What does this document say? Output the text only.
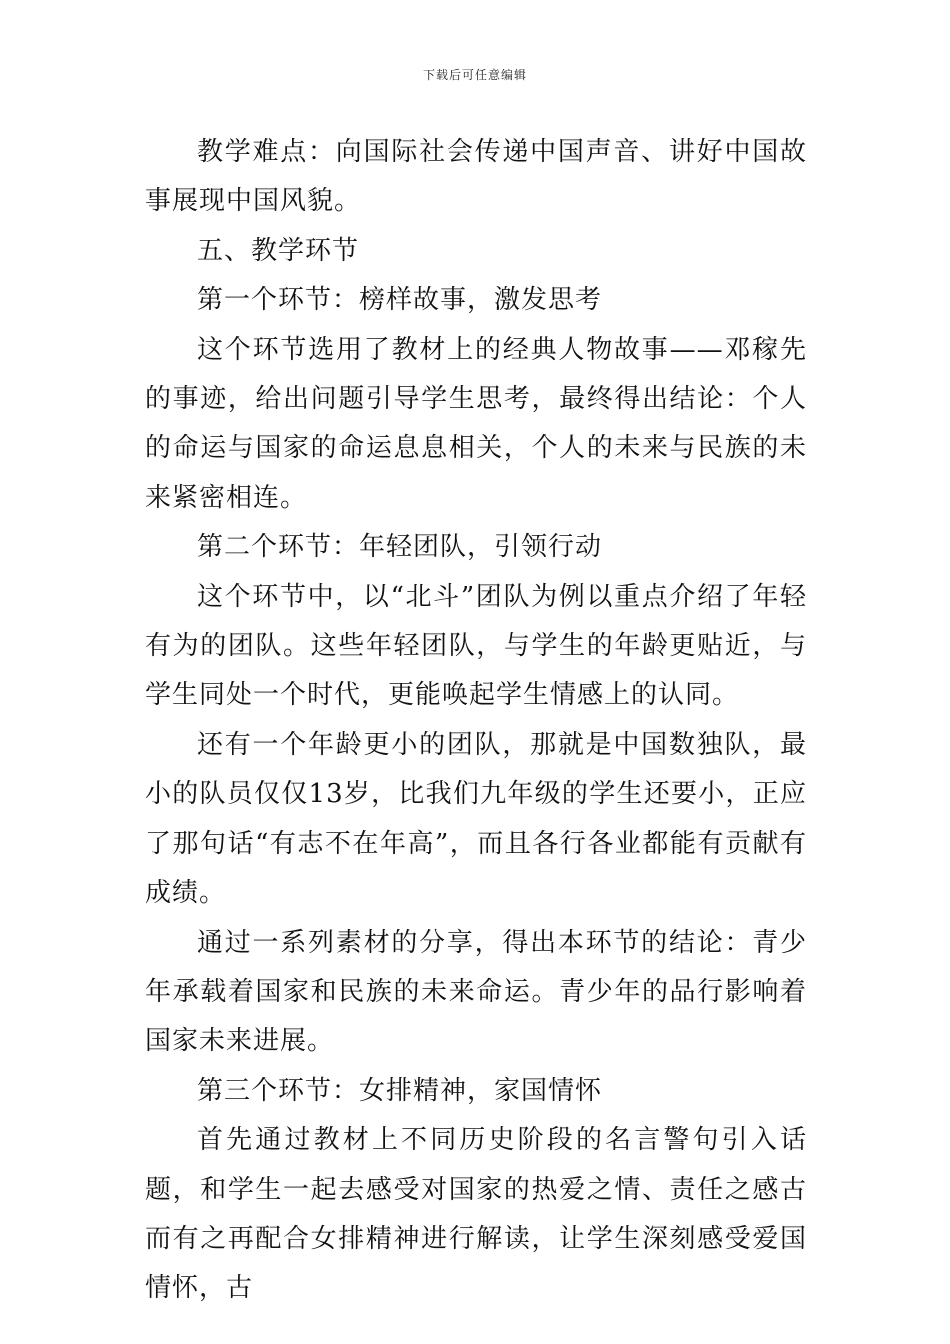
下载后可任意编辑

教学难点：向国际社会传递中国声音、讲好中国故事展现中国风貌。

五、教学环节

第一个环节：榜样故事，激发思考

这个环节选用了教材上的经典人物故事——邓稼先的事迹，给出问题引导学生思考，最终得出结论：个人的命运与国家的命运息息相关，个人的未来与民族的未来紧密相连。

第二个环节：年轻团队，引领行动

这个环节中，以“北斗”团队为例以重点介绍了年轻有为的团队。这些年轻团队，与学生的年龄更贴近，与学生同处一个时代，更能唤起学生情感上的认同。

还有一个年龄更小的团队，那就是中国数独队，最小的队员仅仅13岁，比我们九年级的学生还要小，正应了那句话“有志不在年高”，而且各行各业都能有贡献有成绩。

通过一系列素材的分享，得出本环节的结论：青少年承载着国家和民族的未来命运。青少年的品行影响着国家未来进展。

第三个环节：女排精神，家国情怀

首先通过教材上不同历史阶段的名言警句引入话题，和学生一起去感受对国家的热爱之情、责任之感古而有之再配合女排精神进行解读，让学生深刻感受爱国情怀，古
